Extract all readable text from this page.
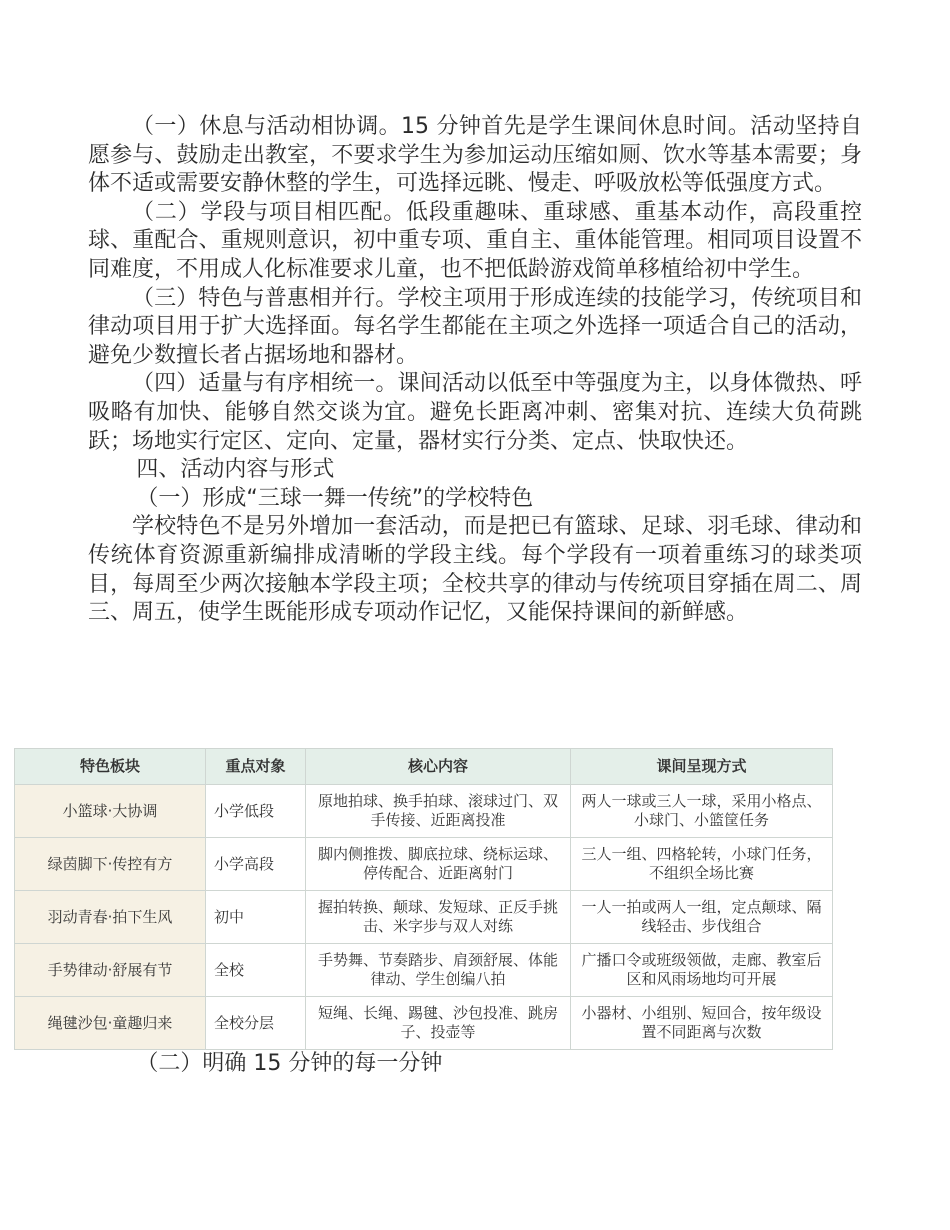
（一）休息与活动相协调。15 分钟首先是学生课间休息时间。活动坚持自愿参与、鼓励走出教室，不要求学生为参加运动压缩如厕、饮水等基本需要；身体不适或需要安静休整的学生，可选择远眺、慢走、呼吸放松等低强度方式。

（二）学段与项目相匹配。低段重趣味、重球感、重基本动作，高段重控球、重配合、重规则意识，初中重专项、重自主、重体能管理。相同项目设置不同难度，不用成人化标准要求儿童，也不把低龄游戏简单移植给初中学生。

（三）特色与普惠相并行。学校主项用于形成连续的技能学习，传统项目和律动项目用于扩大选择面。每名学生都能在主项之外选择一项适合自己的活动，避免少数擅长者占据场地和器材。

（四）适量与有序相统一。课间活动以低至中等强度为主，以身体微热、呼吸略有加快、能够自然交谈为宜。避免长距离冲刺、密集对抗、连续大负荷跳跃；场地实行定区、定向、定量，器材实行分类、定点、快取快还。

四、活动内容与形式

（一）形成“三球一舞一传统”的学校特色

学校特色不是另外增加一套活动，而是把已有篮球、足球、羽毛球、律动和传统体育资源重新编排成清晰的学段主线。每个学段有一项着重练习的球类项目，每周至少两次接触本学段主项；全校共享的律动与传统项目穿插在周二、周三、周五，使学生既能形成专项动作记忆，又能保持课间的新鲜感。

特色板块	重点对象	核心内容	课间呈现方式
小篮球·大协调	小学低段	原地拍球、换手拍球、滚球过门、双手传接、近距离投准	两人一球或三人一球，采用小格点、小球门、小篮筐任务
绿茵脚下·传控有方	小学高段	脚内侧推拨、脚底拉球、绕标运球、停传配合、近距离射门	三人一组、四格轮转，小球门任务，不组织全场比赛
羽动青春·拍下生风	初中	握拍转换、颠球、发短球、正反手挑击、米字步与双人对练	一人一拍或两人一组，定点颠球、隔线轻击、步伐组合
手势律动·舒展有节	全校	手势舞、节奏踏步、肩颈舒展、体能律动、学生创编八拍	广播口令或班级领做，走廊、教室后区和风雨场地均可开展
绳毽沙包·童趣归来	全校分层	短绳、长绳、踢毽、沙包投准、跳房子、投壶等	小器材、小组别、短回合，按年级设置不同距离与次数

（二）明确 15 分钟的每一分钟
